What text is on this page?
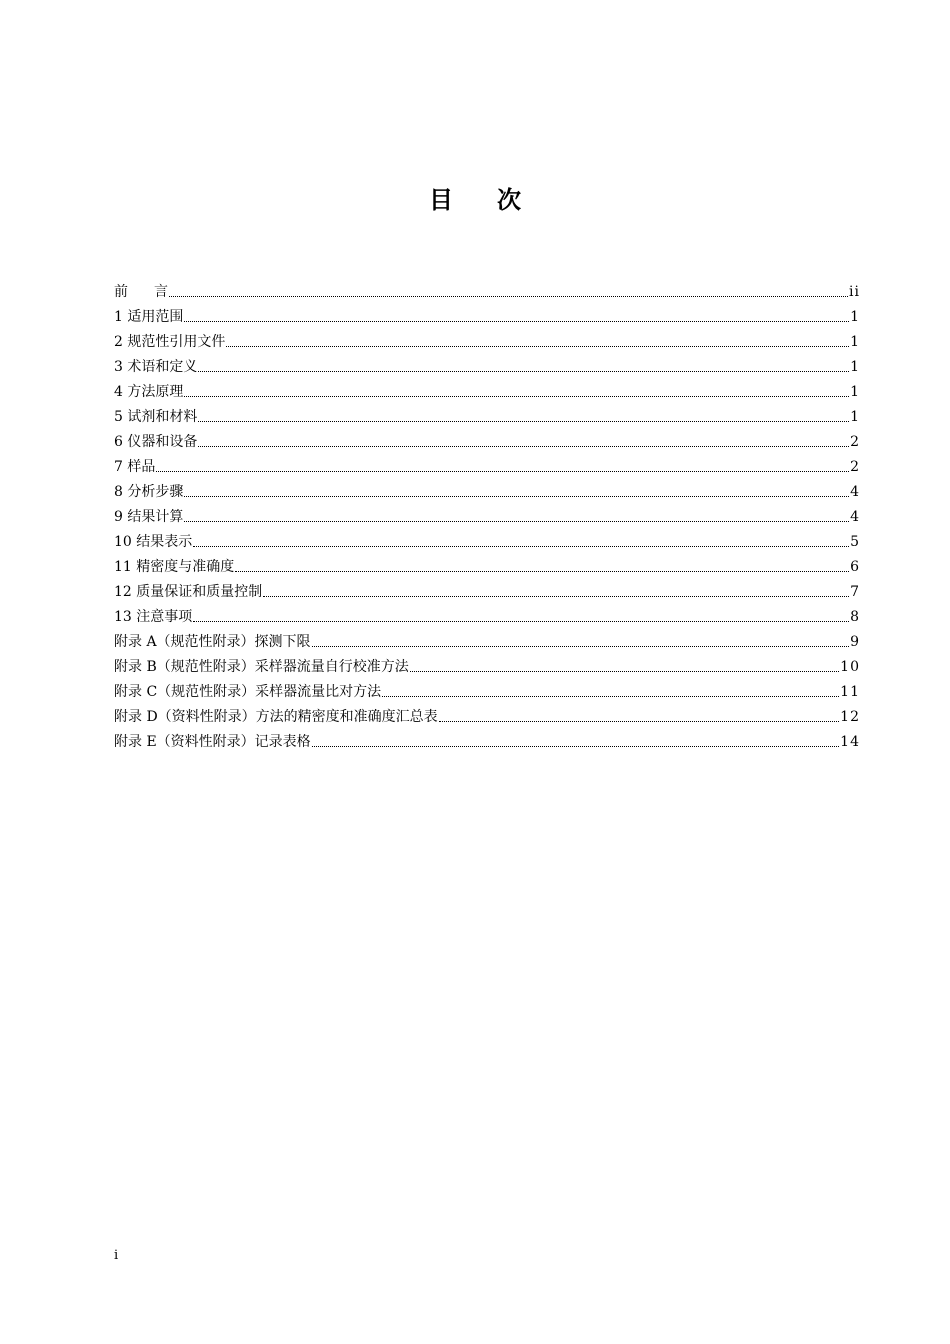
目 次
前 言	ii
1 适用范围	1
2 规范性引用文件	1
3 术语和定义	1
4 方法原理	1
5 试剂和材料	1
6 仪器和设备	2
7 样品	2
8 分析步骤	4
9 结果计算	4
10 结果表示	5
11 精密度与准确度	6
12 质量保证和质量控制	7
13 注意事项	8
附录 A（规范性附录）探测下限	9
附录 B（规范性附录）采样器流量自行校准方法	10
附录 C（规范性附录）采样器流量比对方法	11
附录 D（资料性附录）方法的精密度和准确度汇总表	12
附录 E（资料性附录）记录表格	14

i
